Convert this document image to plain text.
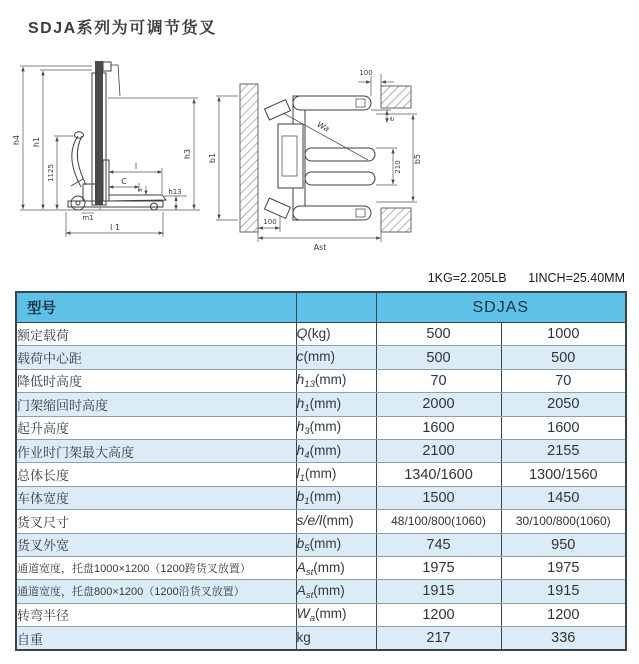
SDJA系列为可调节货叉
h4 h1
1125
h3
l
C
s	h13
m1
l 1
b1
100
e
Wa
210
b5
100
Ast
1KG=2.205LB 1INCH=25.40MM
型号		SDJAS	
额定载荷	Q(kg)	500	1000
载荷中心距	c(mm)	500	500
降低时高度	$h_{13}(mm)$	70	70
门架缩回时高度	$h_1(mm)$	2000	2050
起升高度	$h_3(mm)$	1600	1600
作业时门架最大高度	$h_4(mm)$	2100	2155
总体长度	$l_1(mm)$	1340/1600	1300/1560
车体宽度	$b_1(mm)$	1500	1450
货叉尺寸	s/e/l(mm)	48/100/800(1060)	30/100/800(1060)
货叉外宽	$b_5(mm)$	745	950
通道宽度，托盘1000×1200（1200跨货叉放置）	$A_{st}(mm)$	1975	1975
通道宽度，托盘800×1200（1200沿货叉放置）	$A_{st}(mm)$	1915	1915
转弯半径	$W_a(mm)$	1200	1200
自重	kg	217	336
